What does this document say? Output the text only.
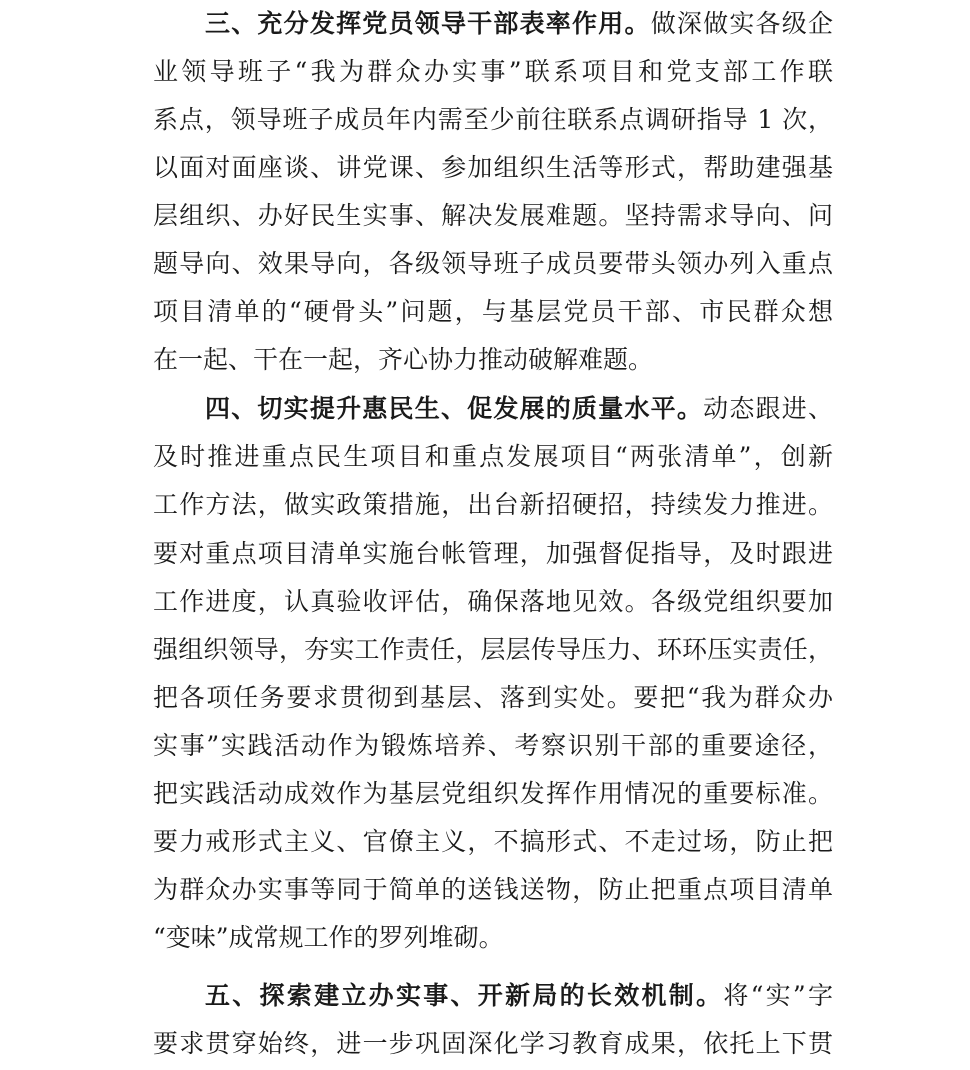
三、充分发挥党员领导干部表率作用。做深做实各级企
业领导班子“我为群众办实事”联系项目和党支部工作联
系点，领导班子成员年内需至少前往联系点调研指导 1 次，
以面对面座谈、讲党课、参加组织生活等形式，帮助建强基
层组织、办好民生实事、解决发展难题。坚持需求导向、问
题导向、效果导向，各级领导班子成员要带头领办列入重点
项目清单的“硬骨头”问题，与基层党员干部、市民群众想
在一起、干在一起，齐心协力推动破解难题。
四、切实提升惠民生、促发展的质量水平。动态跟进、
及时推进重点民生项目和重点发展项目“两张清单”，创新
工作方法，做实政策措施，出台新招硬招，持续发力推进。
要对重点项目清单实施台帐管理，加强督促指导，及时跟进
工作进度，认真验收评估，确保落地见效。各级党组织要加
强组织领导，夯实工作责任，层层传导压力、环环压实责任，
把各项任务要求贯彻到基层、落到实处。要把“我为群众办
实事”实践活动作为锻炼培养、考察识别干部的重要途径，
把实践活动成效作为基层党组织发挥作用情况的重要标准。
要力戒形式主义、官僚主义，不搞形式、不走过场，防止把
为群众办实事等同于简单的送钱送物，防止把重点项目清单
“变味”成常规工作的罗列堆砌。
五、探索建立办实事、开新局的长效机制。将“实”字
要求贯穿始终，进一步巩固深化学习教育成果，依托上下贯
